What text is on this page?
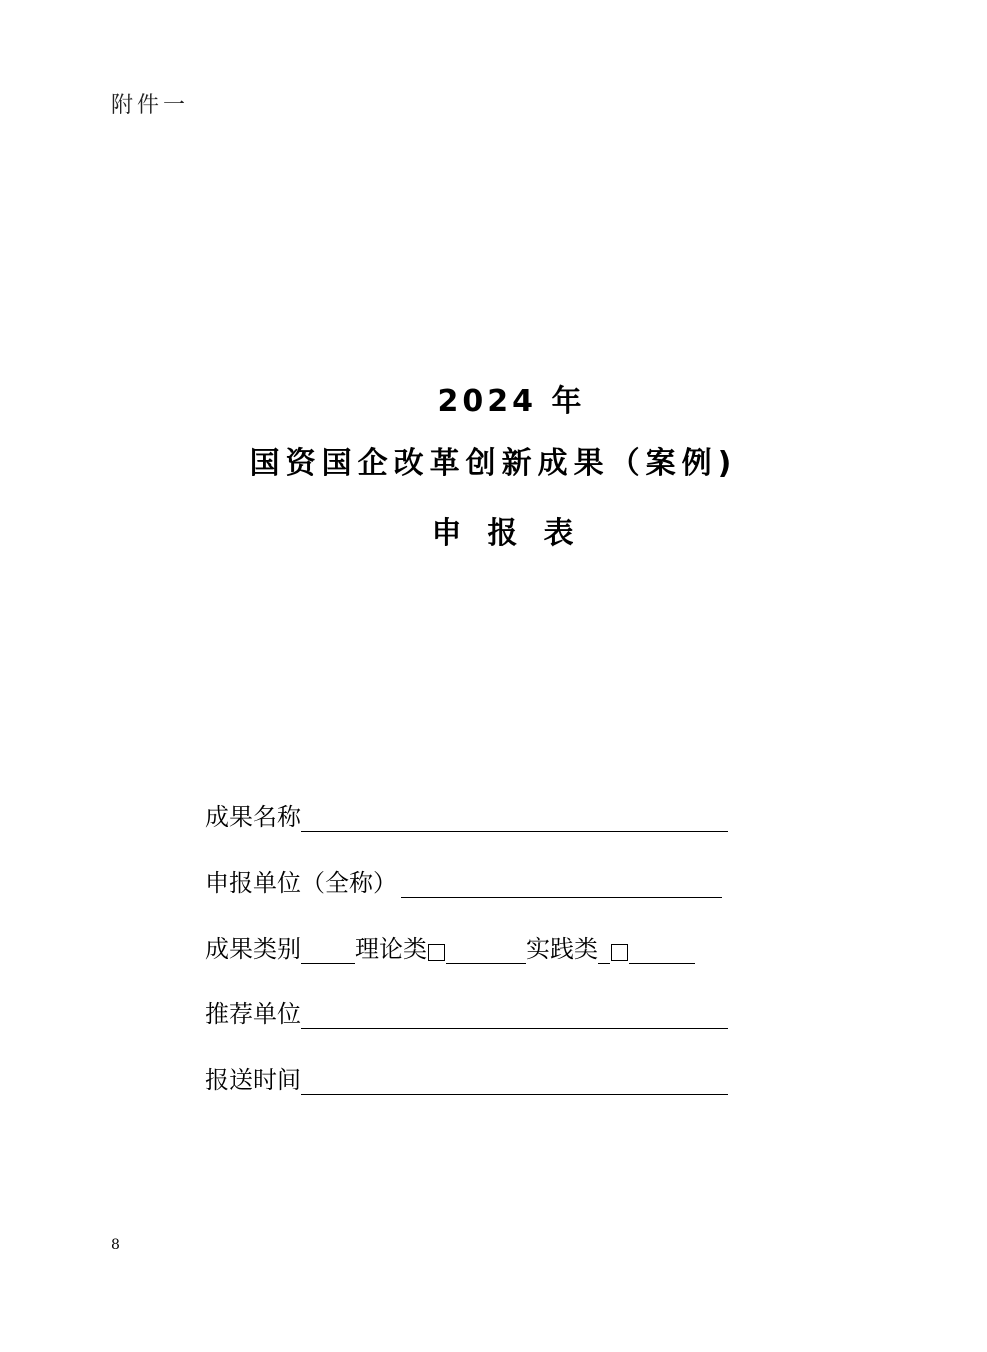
附件一
2024 年
国资国企改革创新成果（案例)
申报表
成果名称
申报单位（全称）
成果类别 理论类	实践类
推荐单位
报送时间
8
